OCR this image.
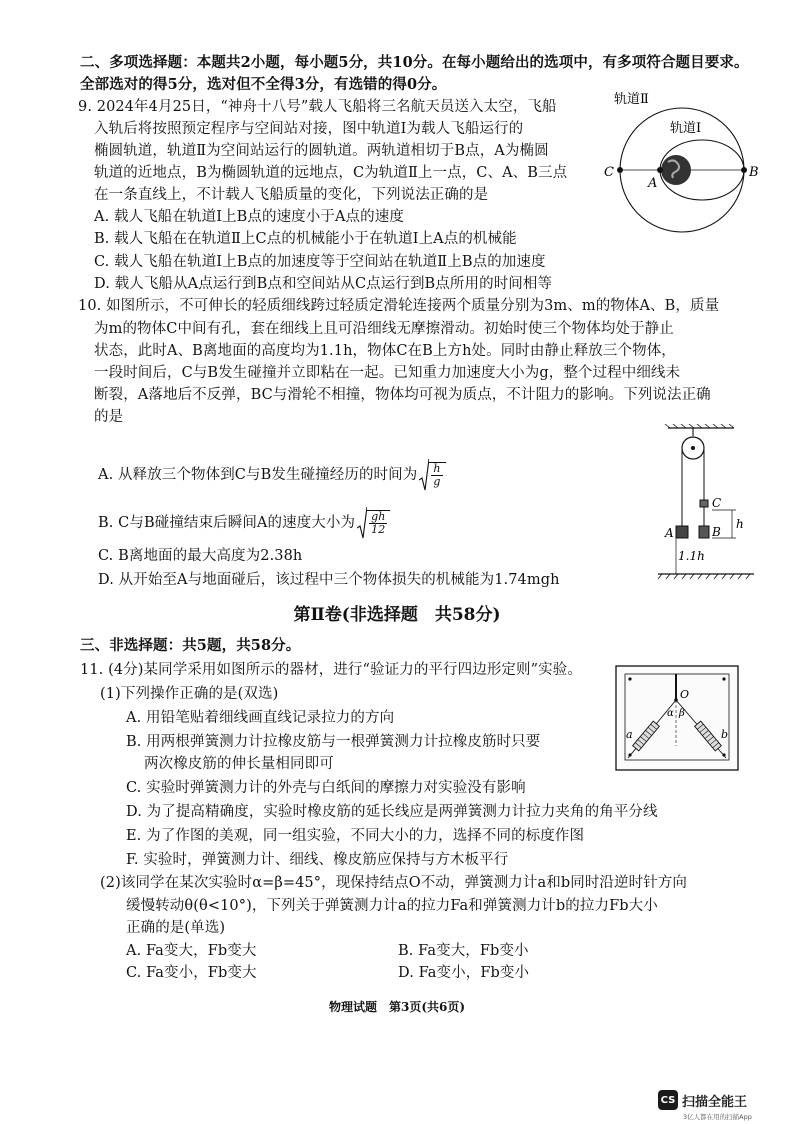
二、多项选择题：本题共2小题，每小题5分，共10分。在每小题给出的选项中，有多项符合题目要求。
全部选对的得5分，选对但不全得3分，有选错的得0分。
9. 2024年4月25日，“神舟十八号”载人飞船将三名航天员送入太空，飞船
入轨后将按照预定程序与空间站对接，图中轨道Ⅰ为载人飞船运行的
椭圆轨道，轨道Ⅱ为空间站运行的圆轨道。两轨道相切于B点，A为椭圆
轨道的近地点，B为椭圆轨道的远地点，C为轨道Ⅱ上一点，C、A、B三点
在一条直线上，不计载人飞船质量的变化，下列说法正确的是
A. 载人飞船在轨道Ⅰ上B点的速度小于A点的速度
B. 载人飞船在在轨道Ⅱ上C点的机械能小于在轨道Ⅰ上A点的机械能
C. 载人飞船在轨道Ⅰ上B点的加速度等于空间站在轨道Ⅱ上B点的加速度
D. 载人飞船从A点运行到B点和空间站从C点运行到B点所用的时间相等
轨道Ⅱ
轨道Ⅰ
C
A
B
10. 如图所示，不可伸长的轻质细线跨过轻质定滑轮连接两个质量分别为3m、m的物体A、B，质量
为m的物体C中间有孔，套在细线上且可沿细线无摩擦滑动。初始时使三个物体均处于静止
状态，此时A、B离地面的高度均为1.1h，物体C在B上方h处。同时由静止释放三个物体，
一段时间后，C与B发生碰撞并立即粘在一起。已知重力加速度大小为g，整个过程中细线未
断裂，A落地后不反弹，BC与滑轮不相撞，物体均可视为质点，不计阻力的影响。下列说法正确
的是
A. 从释放三个物体到C与B发生碰撞经历的时间为 $\frac{h}{g}$
B. C与B碰撞结束后瞬间A的速度大小为 $\frac{gh}{12}$
C. B离地面的最大高度为2.38h
D. 从开始至A与地面碰后，该过程中三个物体损失的机械能为1.74mgh
A	B
C
h
1.1h
第Ⅱ卷(非选择题　共58分)
三、非选择题：共5题，共58分。
11. (4分)某同学采用如图所示的器材，进行“验证力的平行四边形定则”实验。
(1)下列操作正确的是(双选)
A. 用铅笔贴着细线画直线记录拉力的方向
B. 用两根弹簧测力计拉橡皮筋与一根弹簧测力计拉橡皮筋时只要
两次橡皮筋的伸长量相同即可
C. 实验时弹簧测力计的外壳与白纸间的摩擦力对实验没有影响
D. 为了提高精确度，实验时橡皮筋的延长线应是两弹簧测力计拉力夹角的角平分线
E. 为了作图的美观，同一组实验，不同大小的力，选择不同的标度作图
F. 实验时，弹簧测力计、细线、橡皮筋应保持与方木板平行
(2)该同学在某次实验时α=β=45°，现保持结点O不动，弹簧测力计a和b同时沿逆时针方向
缓慢转动θ(θ<10°)，下列关于弹簧测力计a的拉力Fa和弹簧测力计b的拉力Fb大小
正确的是(单选)
A. Fa变大，Fb变大	B. Fa变大，Fb变小
C. Fa变小，Fb变大	D. Fa变小，Fb变小
O
α β
a	b
物理试题　第3页(共6页)
CS 扫描全能王
3亿人都在用的扫描App
